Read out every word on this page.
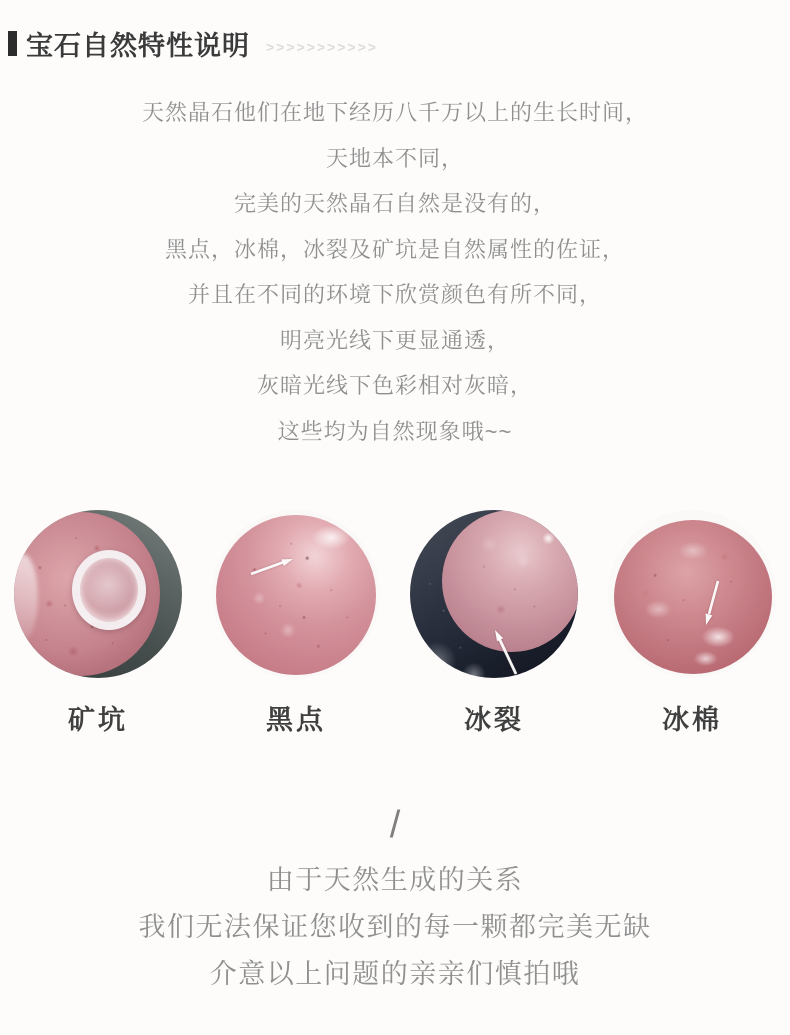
宝石自然特性说明 >>>>>>>>>>>
天然晶石他们在地下经历八千万以上的生长时间，
天地本不同，
完美的天然晶石自然是没有的，
黑点，冰棉，冰裂及矿坑是自然属性的佐证，
并且在不同的环境下欣赏颜色有所不同，
明亮光线下更显通透，
灰暗光线下色彩相对灰暗，
这些均为自然现象哦~~
矿坑	黑点	冰裂	冰棉
/
由于天然生成的关系
我们无法保证您收到的每一颗都完美无缺
介意以上问题的亲亲们慎拍哦
